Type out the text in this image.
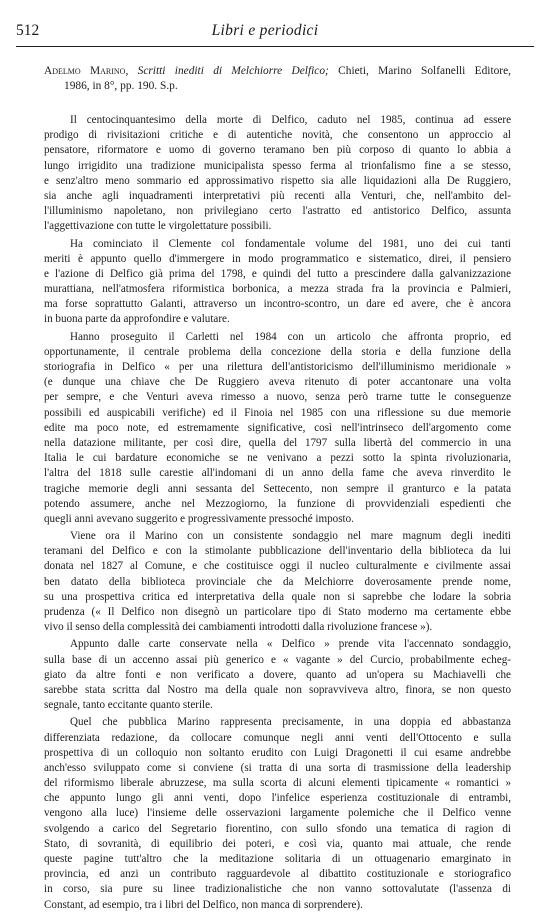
512	Libri e periodici
Adelmo Marino, Scritti inediti di Melchiorre Delfico; Chieti, Marino Solfanelli Editore,
1986, in 8°, pp. 190. S.p.
Il centocinquantesimo della morte di Delfico, caduto nel 1985, continua ad essere
prodigo di rivisitazioni critiche e di autentiche novità, che consentono un approccio al
pensatore, riformatore e uomo di governo teramano ben più corposo di quanto lo abbia a
lungo irrigidito una tradizione municipalista spesso ferma al trionfalismo fine a se stesso,
e senz'altro meno sommario ed approssimativo rispetto sia alle liquidazioni alla De Ruggiero,
sia anche agli inquadramenti interpretativi più recenti alla Venturi, che, nell'ambito del-
l'illuminismo napoletano, non privilegiano certo l'astratto ed antistorico Delfico, assunta
l'aggettivazione con tutte le virgolettature possibili.
Ha cominciato il Clemente col fondamentale volume del 1981, uno dei cui tanti
meriti è appunto quello d'immergere in modo programmatico e sistematico, direi, il pensiero
e l'azione di Delfico già prima del 1798, e quindi del tutto a prescindere dalla galvanizzazione
murattiana, nell'atmosfera riformistica borbonica, a mezza strada fra la provincia e Palmieri,
ma forse soprattutto Galanti, attraverso un incontro-scontro, un dare ed avere, che è ancora
in buona parte da approfondire e valutare.
Hanno proseguito il Carletti nel 1984 con un articolo che affronta proprio, ed
opportunamente, il centrale problema della concezione della storia e della funzione della
storiografia in Delfico « per una rilettura dell'antistoricismo dell'illuminismo meridionale »
(e dunque una chiave che De Ruggiero aveva ritenuto di poter accantonare una volta
per sempre, e che Venturi aveva rimesso a nuovo, senza però trarne tutte le conseguenze
possibili ed auspicabili verifiche) ed il Finoia nel 1985 con una riflessione su due memorie
edite ma poco note, ed estremamente significative, così nell'intrinseco dell'argomento come
nella datazione militante, per così dire, quella del 1797 sulla libertà del commercio in una
Italia le cui bardature economiche se ne venivano a pezzi sotto la spinta rivoluzionaria,
l'altra del 1818 sulle carestie all'indomani di un anno della fame che aveva rinverdito le
tragiche memorie degli anni sessanta del Settecento, non sempre il granturco e la patata
potendo assumere, anche nel Mezzogiorno, la funzione di provvidenziali espedienti che
quegli anni avevano suggerito e progressivamente pressoché imposto.
Viene ora il Marino con un consistente sondaggio nel mare magnum degli inediti
teramani del Delfico e con la stimolante pubblicazione dell'inventario della biblioteca da lui
donata nel 1827 al Comune, e che costituisce oggi il nucleo culturalmente e civilmente assai
ben datato della biblioteca provinciale che da Melchiorre doverosamente prende nome,
su una prospettiva critica ed interpretativa della quale non si saprebbe che lodare la sobria
prudenza (« Il Delfico non disegnò un particolare tipo di Stato moderno ma certamente ebbe
vivo il senso della complessità dei cambiamenti introdotti dalla rivoluzione francese »).
Appunto dalle carte conservate nella « Delfico » prende vita l'accennato sondaggio,
sulla base di un accenno assai più generico e « vagante » del Curcio, probabilmente echeg-
giato da altre fonti e non verificato a dovere, quanto ad un'opera su Machiavelli che
sarebbe stata scritta dal Nostro ma della quale non sopravviveva altro, finora, se non questo
segnale, tanto eccitante quanto sterile.
Quel che pubblica Marino rappresenta precisamente, in una doppia ed abbastanza
differenziata redazione, da collocare comunque negli anni venti dell'Ottocento e sulla
prospettiva di un colloquio non soltanto erudito con Luigi Dragonetti il cui esame andrebbe
anch'esso sviluppato come si conviene (si tratta di una sorta di trasmissione della leadership
del riformismo liberale abruzzese, ma sulla scorta di alcuni elementi tipicamente « romantici »
che appunto lungo gli anni venti, dopo l'infelice esperienza costituzionale di entrambi,
vengono alla luce) l'insieme delle osservazioni largamente polemiche che il Delfico venne
svolgendo a carico del Segretario fiorentino, con sullo sfondo una tematica di ragion di
Stato, di sovranità, di equilibrio dei poteri, e così via, quanto mai attuale, che rende
queste pagine tutt'altro che la meditazione solitaria di un ottuagenario emarginato in
provincia, ed anzi un contributo ragguardevole al dibattito costituzionale e storiografico
in corso, sia pure su linee tradizionalistiche che non vanno sottovalutate (l'assenza di
Constant, ad esempio, tra i libri del Delfico, non manca di sorprendere).
